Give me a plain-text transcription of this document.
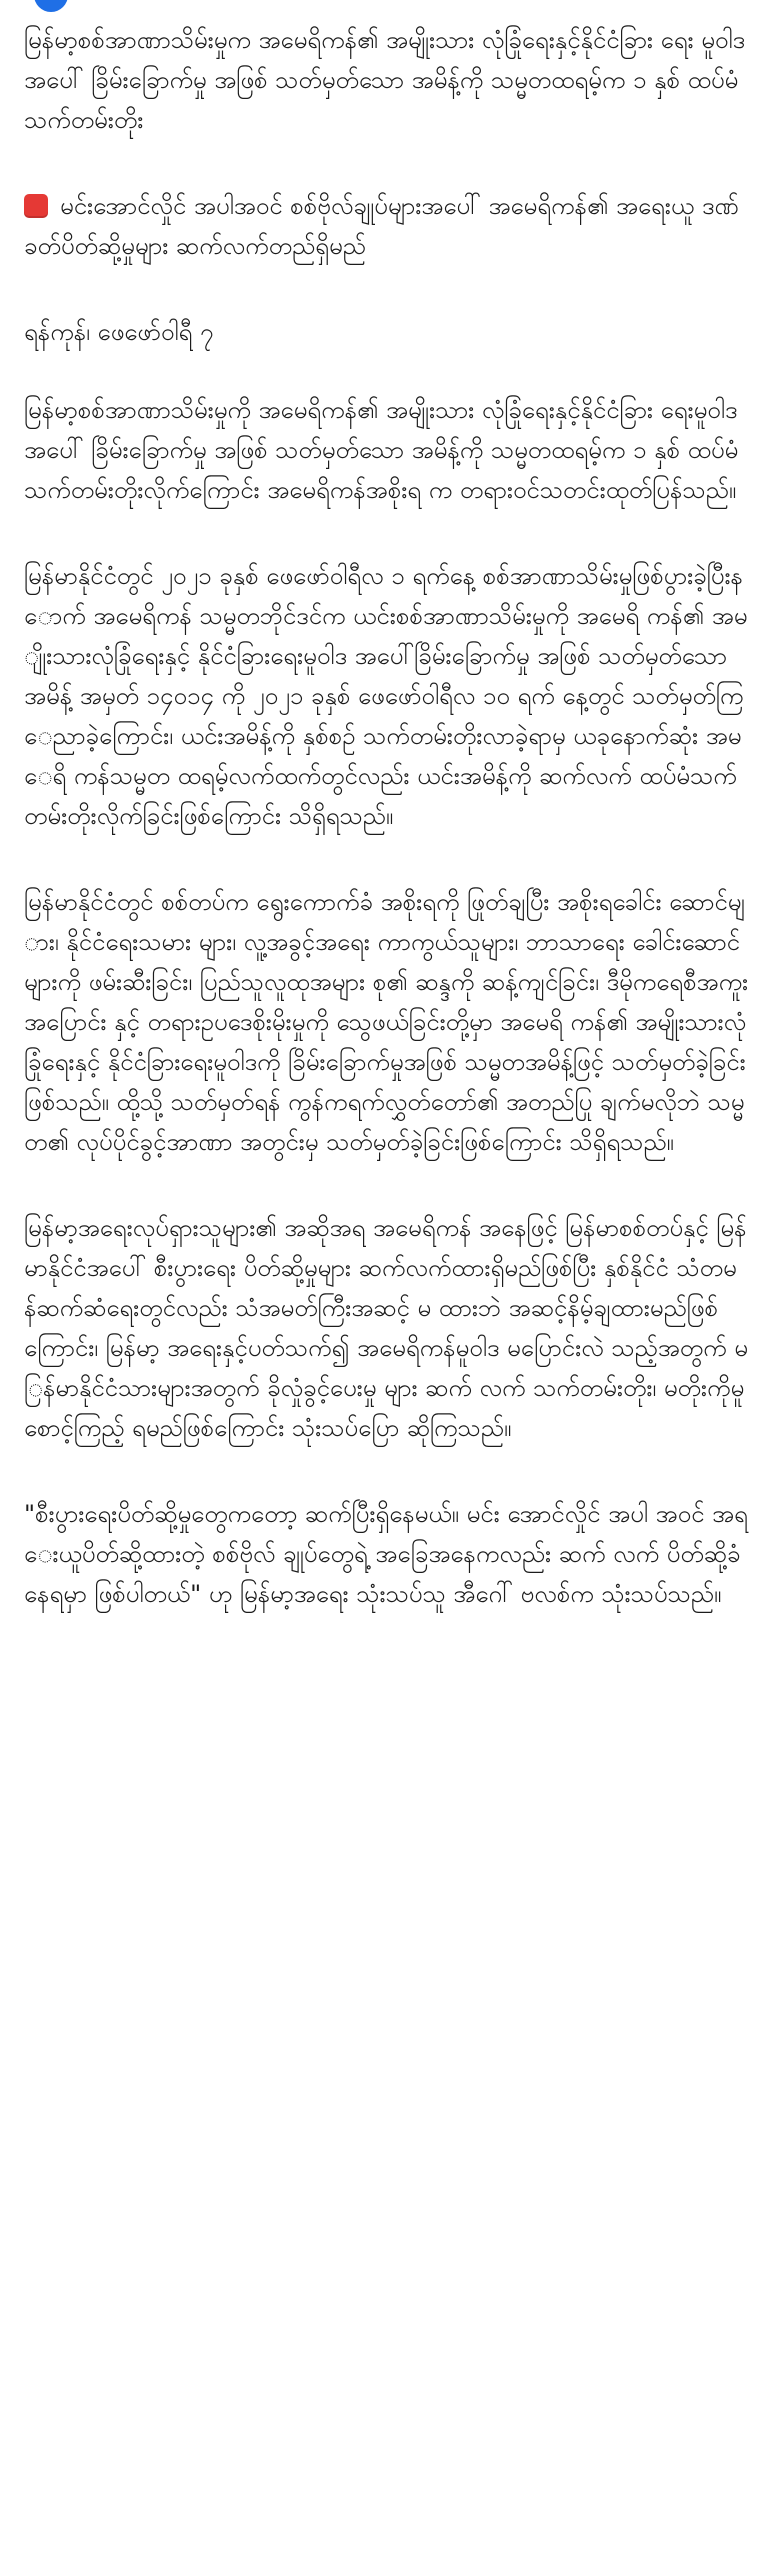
မြန်မာ့စစ်အာဏာသိမ်းမှုက အမေရိကန်၏ အမျိုးသား လုံခြုံရေးနှင့်နိုင်ငံခြား ရေး မူဝါဒအပေါ် ခြိမ်းခြောက်မှု အဖြစ် သတ်မှတ်သော အမိန့်ကို သမ္မတထရမ့်က ၁ နှစ် ထပ်မံ သက်တမ်းတိုး

မင်းအောင်လှိုင် အပါအဝင် စစ်ဗိုလ်ချုပ်များအပေါ် အမေရိကန်၏ အရေးယူ ဒဏ်ခတ်ပိတ်ဆို့မှုများ ဆက်လက်တည်ရှိမည်

ရန်ကုန်၊ ဖေဖော်ဝါရီ ၇

မြန်မာ့စစ်အာဏာသိမ်းမှုကို အမေရိကန်၏ အမျိုးသား လုံခြုံရေးနှင့်နိုင်ငံခြား ရေးမူဝါဒအပေါ် ခြိမ်းခြောက်မှု အဖြစ် သတ်မှတ်သော အမိန့်ကို သမ္မတထရမ့်က ၁ နှစ် ထပ်မံ သက်တမ်းတိုးလိုက်ကြောင်း အမေရိကန်အစိုးရ က တရားဝင်သတင်းထုတ်ပြန်သည်။

မြန်မာနိုင်ငံတွင် ၂၀၂၁ ခုနှစ် ဖေဖော်ဝါရီလ ၁ ရက်နေ့ စစ်အာဏာသိမ်းမှုဖြစ်ပွားခဲ့ပြီးနောက် အမေရိကန် သမ္မတဘိုင်ဒင်က ယင်းစစ်အာဏာသိမ်းမှုကို အမေရိ ကန်၏ အမျိုးသားလုံခြုံရေးနှင့် နိုင်ငံခြားရေးမူဝါဒ အပေါ်ခြိမ်းခြောက်မှု အဖြစ် သတ်မှတ်သော အမိန့် အမှတ် ၁၄၀၁၄ ကို ၂၀၂၁ ခုနှစ် ဖေဖော်ဝါရီလ ၁၀ ရက် နေ့တွင် သတ်မှတ်ကြေညာခဲ့ကြောင်း၊ ယင်းအမိန့်ကို နှစ်စဉ် သက်တမ်းတိုးလာခဲ့ရာမှ ယခုနောက်ဆုံး အမေရိ ကန်သမ္မတ ထရမ့်လက်ထက်တွင်လည်း ယင်းအမိန့်ကို ဆက်လက် ထပ်မံသက်တမ်းတိုးလိုက်ခြင်းဖြစ်ကြောင်း သိရှိရသည်။

မြန်မာနိုင်ငံတွင် စစ်တပ်က ရွေးကောက်ခံ အစိုးရကို ဖြုတ်ချပြီး အစိုးရခေါင်း ဆောင်များ၊ နိုင်ငံရေးသမား များ၊ လူ့အခွင့်အရေး ကာကွယ်သူများ၊ ဘာသာရေး ခေါင်းဆောင်များကို ဖမ်းဆီးခြင်း၊ ပြည်သူလူထုအများ စု၏ ဆန္ဒကို ဆန့်ကျင်ခြင်း၊ ဒီမိုကရေစီအကူးအပြောင်း နှင့် တရားဥပဒေစိုးမိုးမှုကို သွေဖယ်ခြင်းတို့မှာ အမေရိ ကန်၏ အမျိုးသားလုံခြုံရေးနှင့် နိုင်ငံခြားရေးမူဝါဒကို ခြိမ်းခြောက်မှုအဖြစ် သမ္မတအမိန့်ဖြင့် သတ်မှတ်ခဲ့ခြင်း ဖြစ်သည်။ ထို့သို့ သတ်မှတ်ရန် ကွန်ကရက်လွှတ်တော်၏ အတည်ပြု ချက်မလိုဘဲ သမ္မတ၏ လုပ်ပိုင်ခွင့်အာဏာ အတွင်းမှ သတ်မှတ်ခဲ့ခြင်းဖြစ်ကြောင်း သိရှိရသည်။

မြန်မာ့အရေးလုပ်ရှားသူများ၏ အဆိုအရ အမေရိကန် အနေဖြင့် မြန်မာစစ်တပ်နှင့် မြန်မာနိုင်ငံအပေါ် စီးပွားရေး ပိတ်ဆို့မှုများ ဆက်လက်ထားရှိမည်ဖြစ်ပြီး နှစ်နိုင်ငံ သံတမန်ဆက်ဆံရေးတွင်လည်း သံအမတ်ကြီးအဆင့် မ ထားဘဲ အဆင့်နိမ့်ချထားမည်ဖြစ် ကြောင်း၊ မြန်မာ့ အရေးနှင့်ပတ်သက်၍ အမေရိကန်မူဝါဒ မပြောင်းလဲ သည့်အတွက် မြန်မာနိုင်ငံသားများအတွက် ခိုလှုံခွင့်ပေးမှု များ ဆက် လက် သက်တမ်းတိုး၊ မတိုးကိုမူ စောင့်ကြည့် ရမည်ဖြစ်ကြောင်း သုံးသပ်ပြော ဆိုကြသည်။

"စီးပွားရေးပိတ်ဆို့မှုတွေကတော့ ဆက်ပြီးရှိနေမယ်။ မင်း အောင်လှိုင် အပါ အဝင် အရေးယူပိတ်ဆို့ထားတဲ့ စစ်ဗိုလ် ချုပ်တွေရဲ့ အခြေအနေကလည်း ဆက် လက် ပိတ်ဆို့ခံ နေရမှာ ဖြစ်ပါတယ်" ဟု မြန်မာ့အရေး သုံးသပ်သူ အီဂေါ် ဗလစ်က သုံးသပ်သည်။
